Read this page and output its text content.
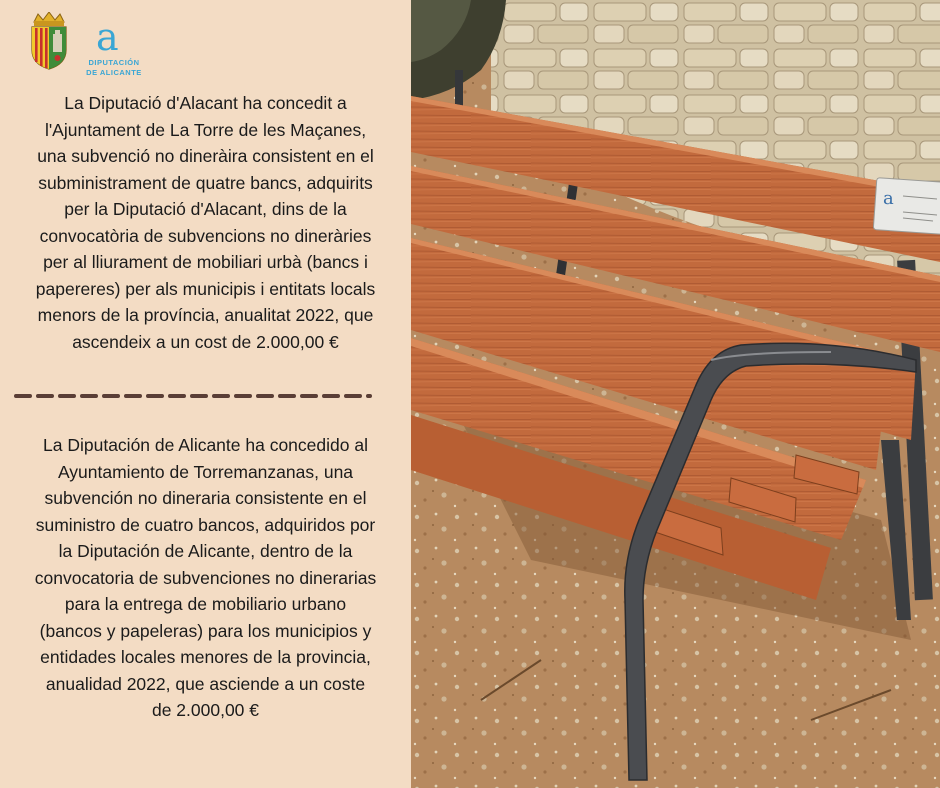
a
DIPUTACIÓN
DE ALICANTE
La Diputació d'Alacant ha concedit a
l'Ajuntament de La Torre de les Maçanes,
una subvenció no dineràira consistent en el
subministrament de quatre bancs, adquirits
per la Diputació d'Alacant, dins de la
convocatòria de subvencions no dineràries
per al lliurament de mobiliari urbà (bancs i
papereres) per als municipis i entitats locals
menors de la província, anualitat 2022, que
ascendeix a un cost de 2.000,00 €
La Diputación de Alicante ha concedido al
Ayuntamiento de Torremanzanas, una
subvención no dineraria consistente en el
suministro de cuatro bancos, adquiridos por
la Diputación de Alicante, dentro de la
convocatoria de subvenciones no dinerarias
para la entrega de mobiliario urbano
(bancos y papeleras) para los municipios y
entidades locales menores de la provincia,
anualidad 2022, que asciende a un coste
de 2.000,00 €
a
